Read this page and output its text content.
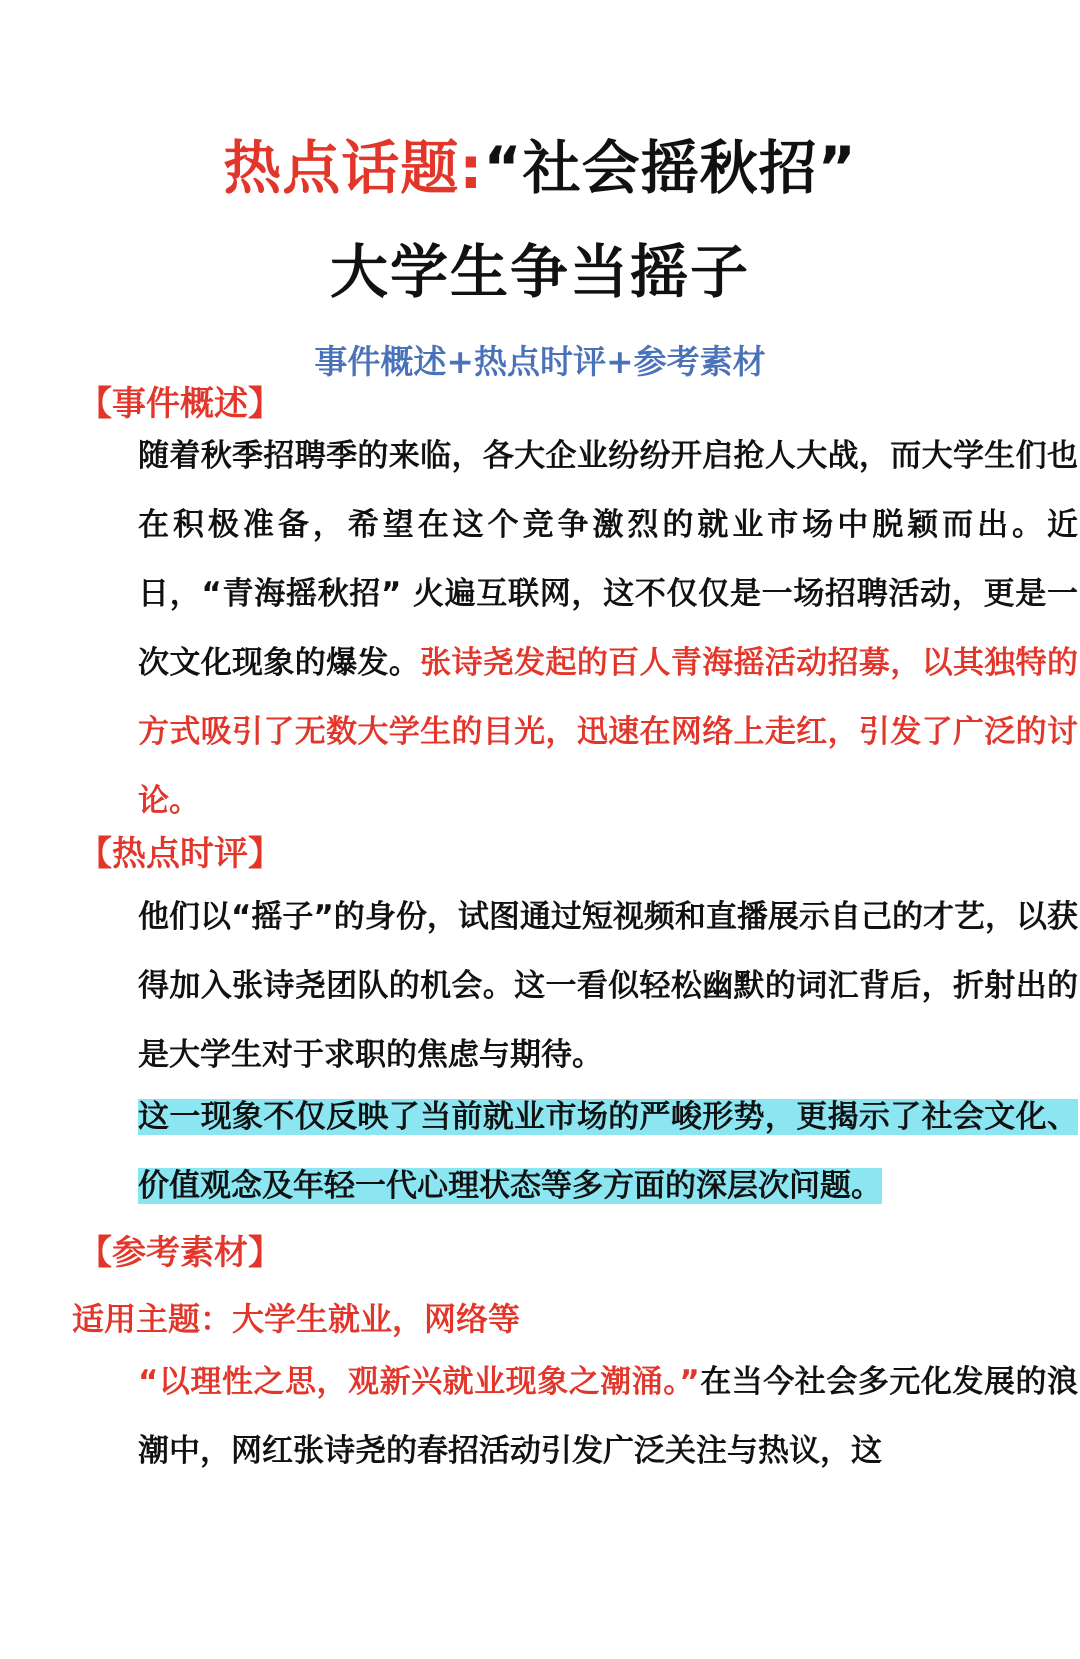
热点话题:“社会摇秋招”
大学生争当摇子
事件概述+热点时评+参考素材
【事件概述】

随着秋季招聘季的来临，各大企业纷纷开启抢人大战，而大学生们也在积极准备，希望在这个竞争激烈的就业市场中脱颖而出。近日，“青海摇秋招” 火遍互联网，这不仅仅是一场招聘活动，更是一次文化现象的爆发。张诗尧发起的百人青海摇活动招募，以其独特的方式吸引了无数大学生的目光，迅速在网络上走红，引发了广泛的讨论。

【热点时评】

他们以“摇子”的身份，试图通过短视频和直播展示自己的才艺，以获得加入张诗尧团队的机会。这一看似轻松幽默的词汇背后，折射出的是大学生对于求职的焦虑与期待。

这一现象不仅反映了当前就业市场的严峻形势，更揭示了社会文化、价值观念及年轻一代心理状态等多方面的深层次问题。

【参考素材】
适用主题：大学生就业，网络等

“以理性之思，观新兴就业现象之潮涌。”在当今社会多元化发展的浪潮中，网红张诗尧的春招活动引发广泛关注与热议，这
